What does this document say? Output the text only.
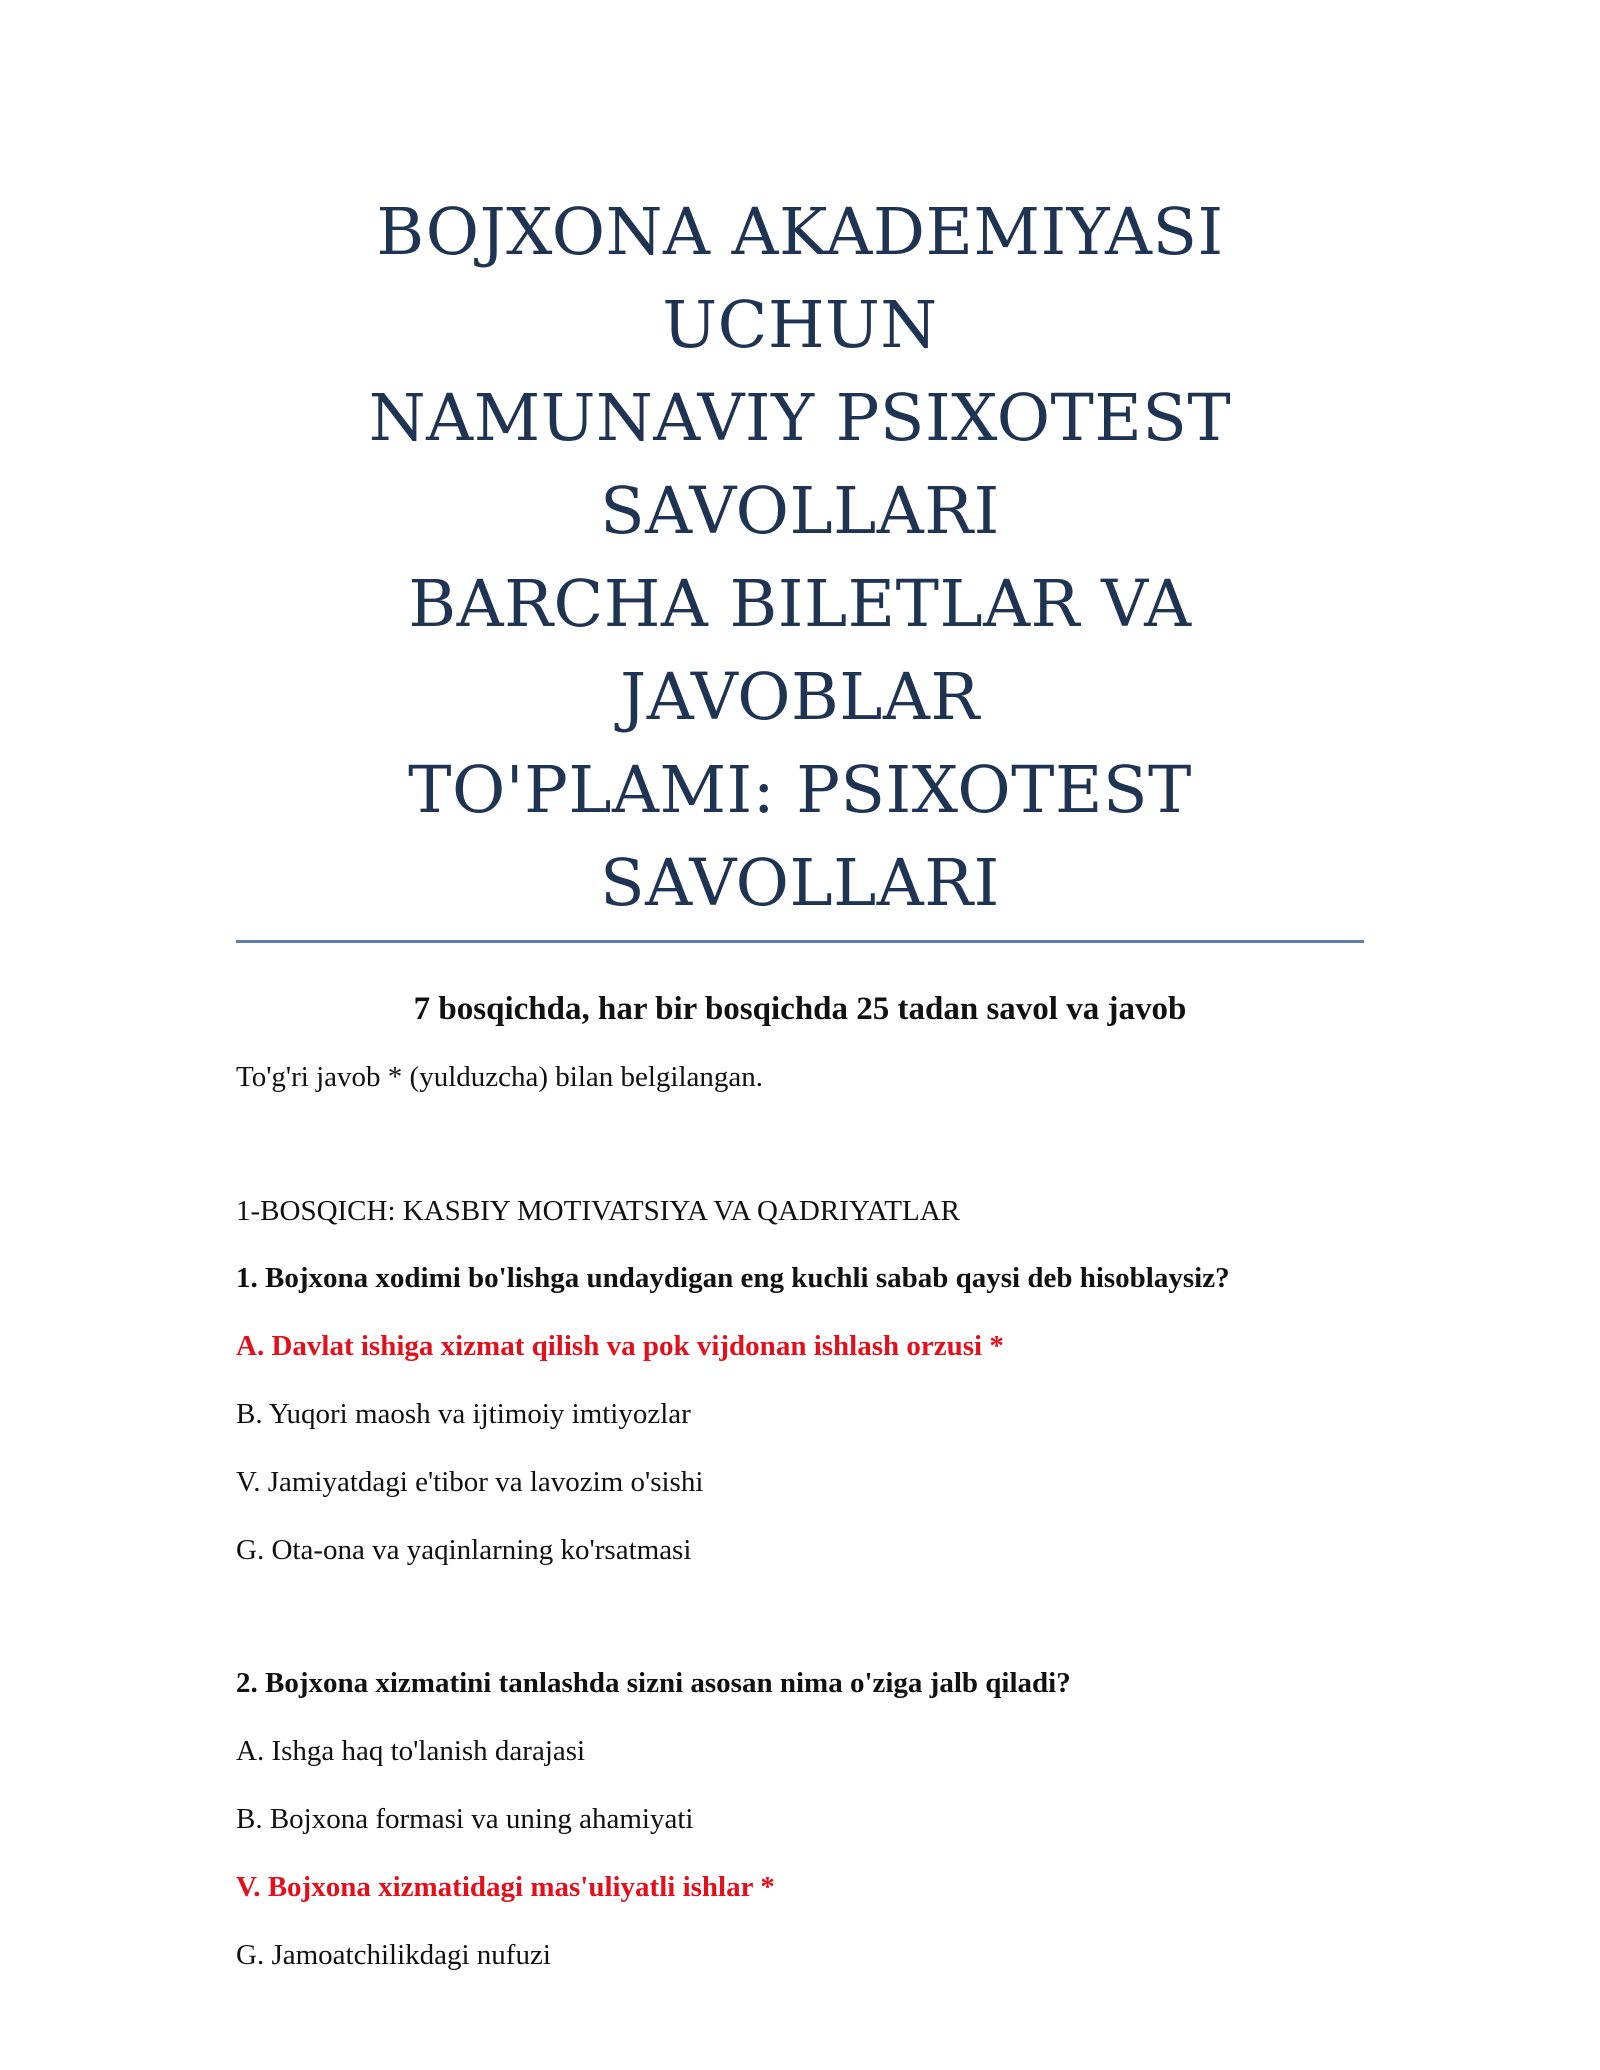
BOJXONA AKADEMIYASI UCHUN
NAMUNAVIY PSIXOTEST
SAVOLLARI
BARCHA BILETLAR VA JAVOBLAR
TO'PLAMI: PSIXOTEST
SAVOLLARI
7 bosqichda, har bir bosqichda 25 tadan savol va javob
To'g'ri javob * (yulduzcha) bilan belgilangan.
1-BOSQICH: KASBIY MOTIVATSIYA VA QADRIYATLAR
1. Bojxona xodimi bo'lishga undaydigan eng kuchli sabab qaysi deb hisoblaysiz?
A. Davlat ishiga xizmat qilish va pok vijdonan ishlash orzusi *
B. Yuqori maosh va ijtimoiy imtiyozlar
V. Jamiyatdagi e'tibor va lavozim o'sishi
G. Ota-ona va yaqinlarning ko'rsatmasi
2. Bojxona xizmatini tanlashda sizni asosan nima o'ziga jalb qiladi?
A. Ishga haq to'lanish darajasi
B. Bojxona formasi va uning ahamiyati
V. Bojxona xizmatidagi mas'uliyatli ishlar *
G. Jamoatchilikdagi nufuzi
